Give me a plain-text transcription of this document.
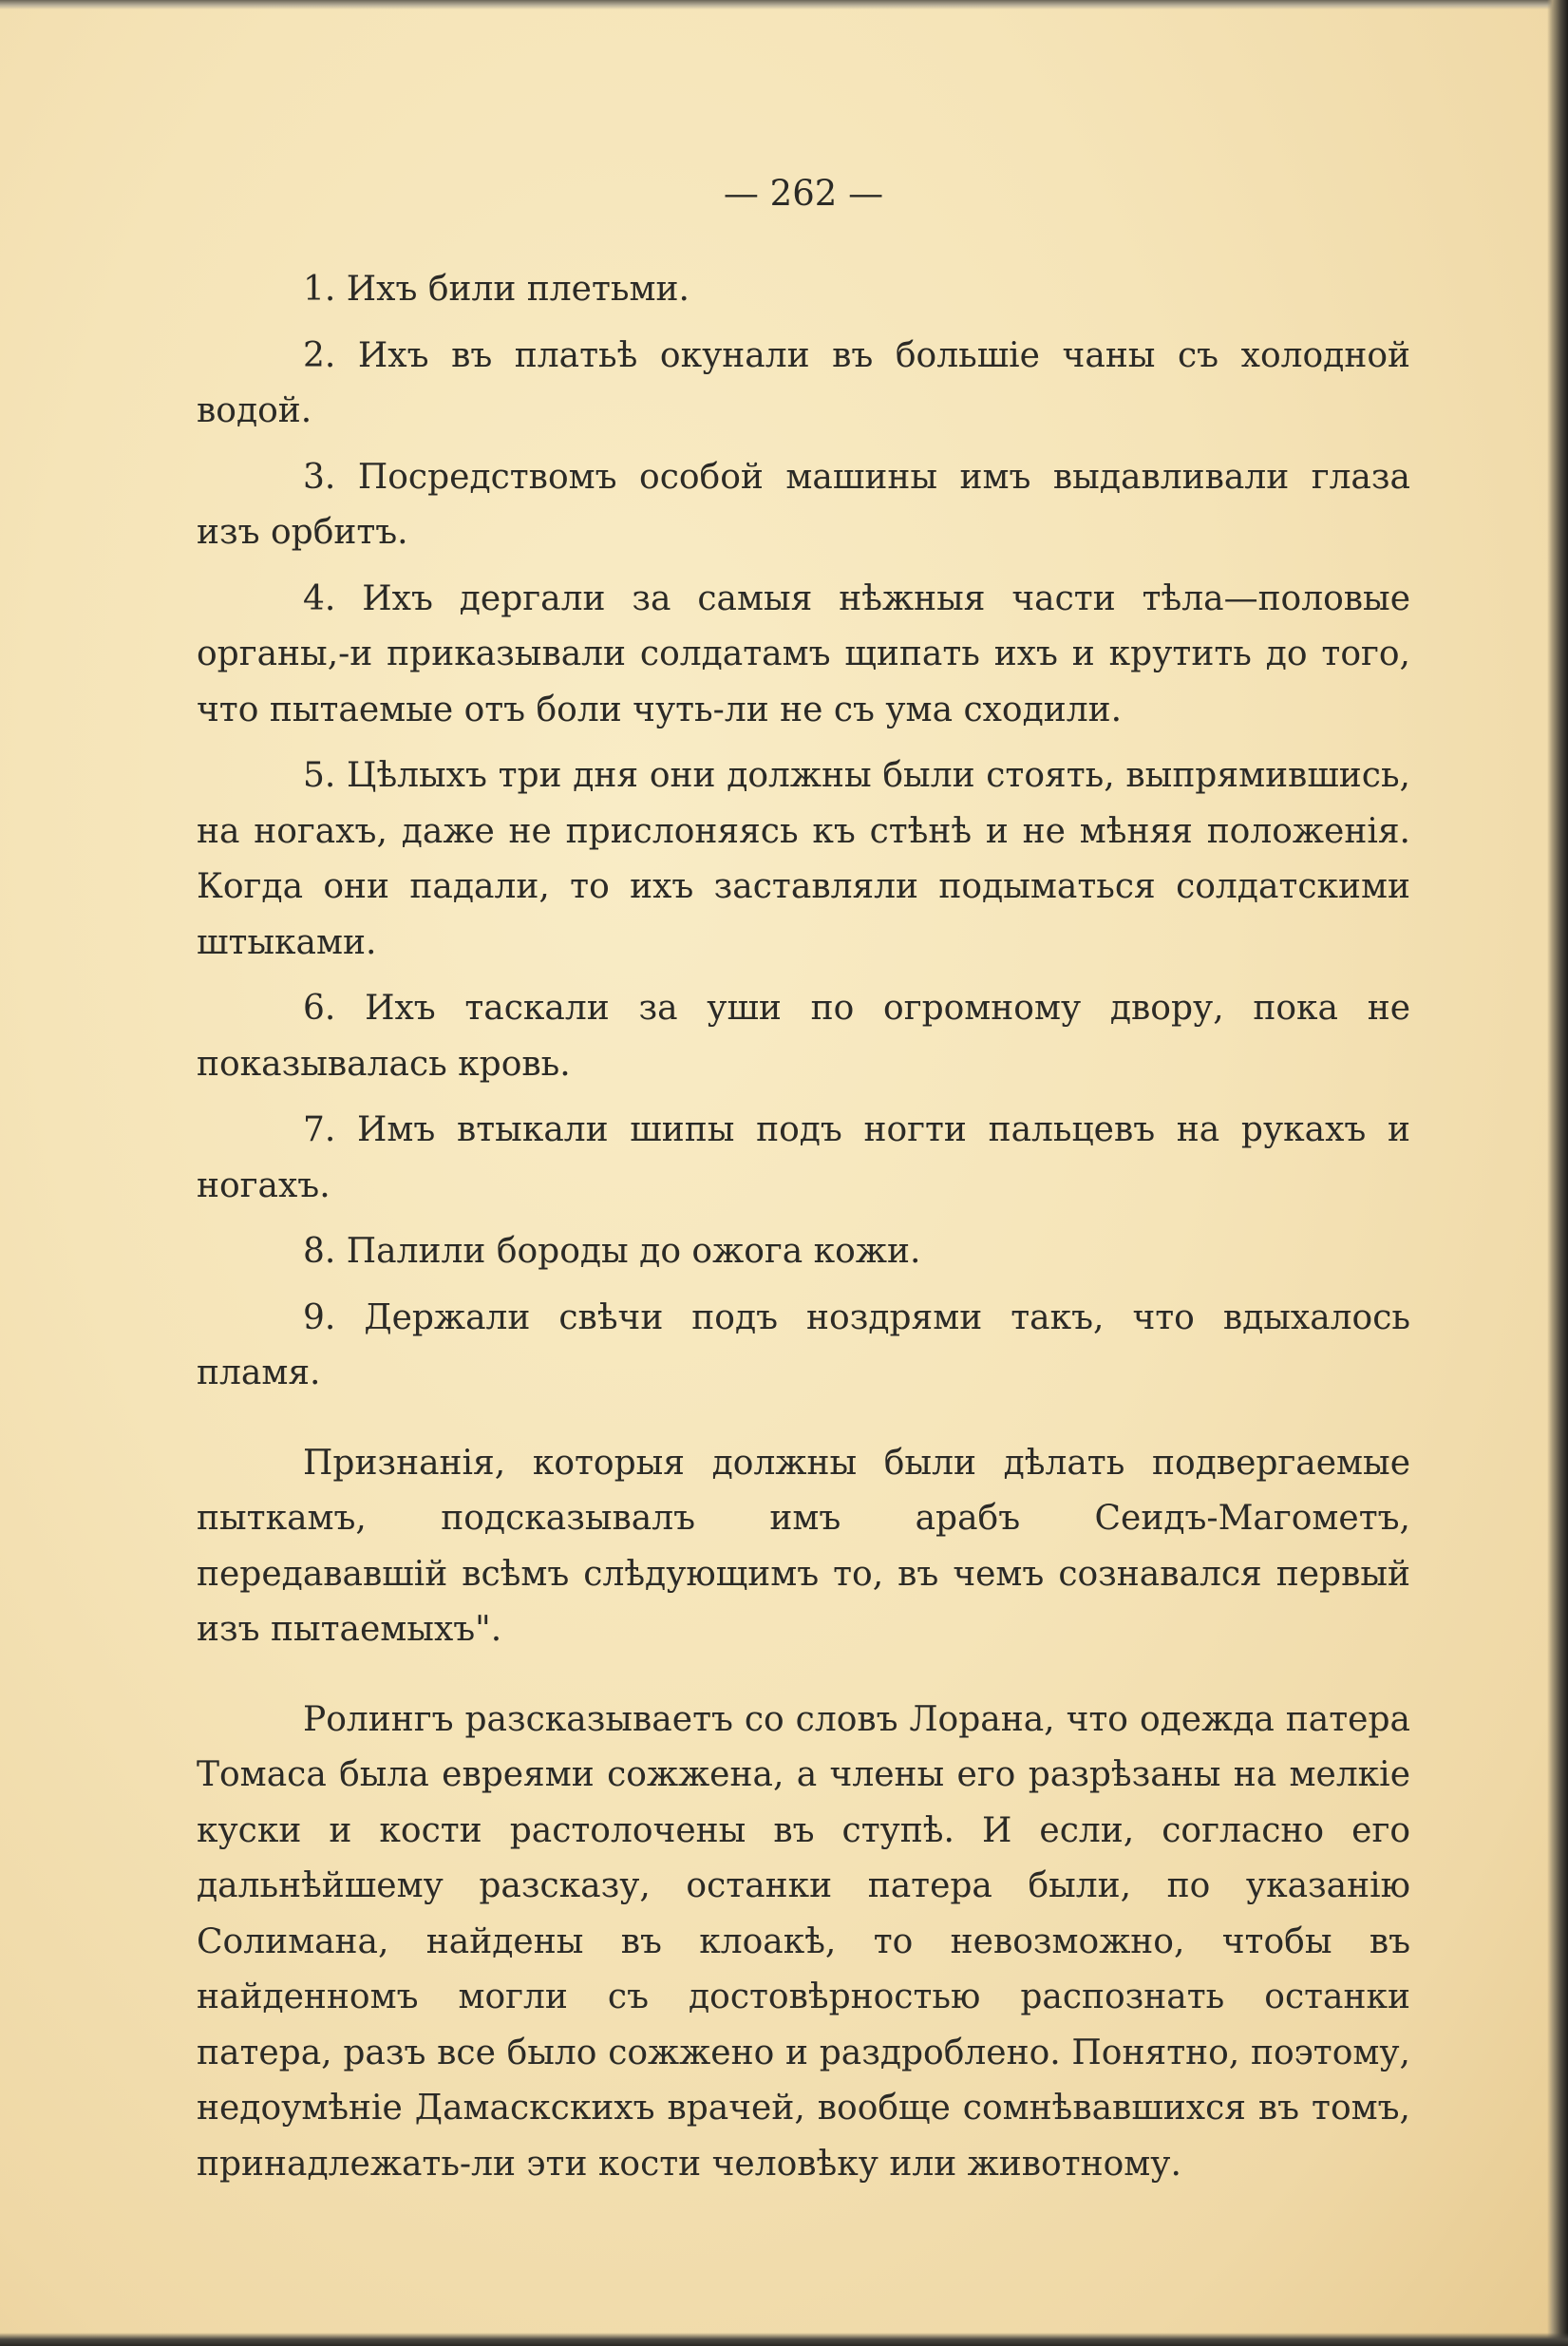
— 262 —

1. Ихъ били плетьми.

2. Ихъ въ платьѣ окунали въ большіе чаны съ холодной водой.

3. Посредствомъ особой машины имъ выдавливали глаза изъ орбитъ.

4. Ихъ дергали за самыя нѣжныя части тѣла—половые органы,-и приказывали солдатамъ щипать ихъ и крутить до того, что пытаемые отъ боли чуть-ли не съ ума сходили.

5. Цѣлыхъ три дня они должны были стоять, выпрямившись, на ногахъ, даже не прислоняясь къ стѣнѣ и не мѣняя положенія. Когда они падали, то ихъ заставляли подыматься солдатскими штыками.

6. Ихъ таскали за уши по огромному двору, пока не показывалась кровь.

7. Имъ втыкали шипы подъ ногти пальцевъ на рукахъ и ногахъ.

8. Палили бороды до ожога кожи.

9. Держали свѣчи подъ ноздрями такъ, что вдыхалось пламя.

Признанія, которыя должны были дѣлать подвергаемые пыткамъ, подсказывалъ имъ арабъ Сеидъ-Магометъ, передававшій всѣмъ слѣдующимъ то, въ чемъ сознавался первый изъ пытаемыхъ".

Ролингъ разсказываетъ со словъ Лорана, что одежда патера Томаса была евреями сожжена, а члены его разрѣзаны на мелкіе куски и кости растолочены въ ступѣ. И если, согласно его дальнѣйшему разсказу, останки патера были, по указанію Солимана, найдены въ клоакѣ, то невозможно, чтобы въ найденномъ могли съ достовѣрностью распознать останки патера, разъ все было сожжено и раздроблено. Понятно, поэтому, недоумѣніе Дамаскскихъ врачей, вообще сомнѣвавшихся въ томъ, принадлежать-ли эти кости человѣку или животному.
